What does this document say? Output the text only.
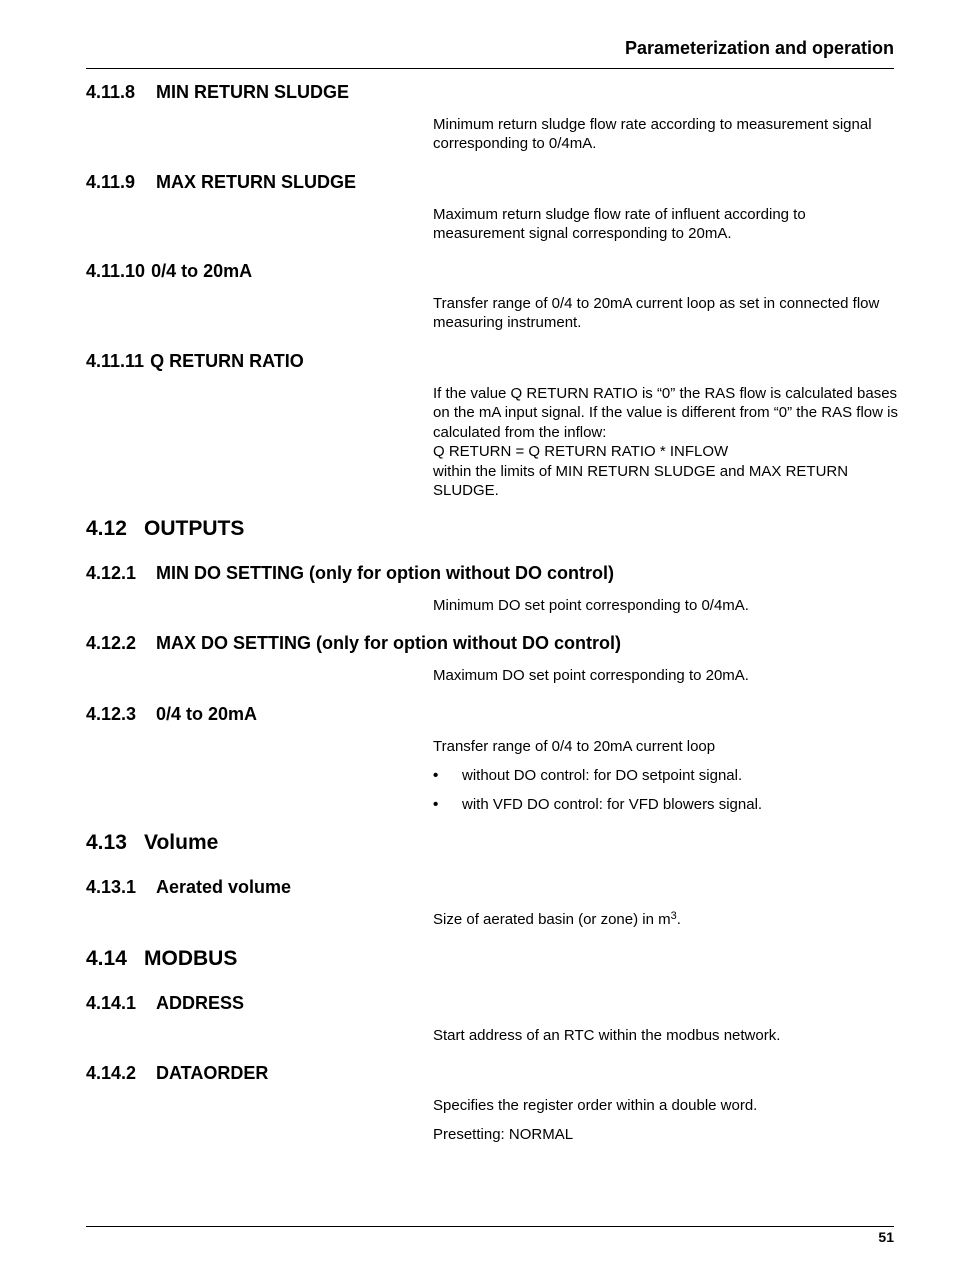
Parameterization and operation
4.11.8 MIN RETURN SLUDGE
Minimum return sludge flow rate according to measurement signal corresponding to 0/4mA.
4.11.9 MAX RETURN SLUDGE
Maximum return sludge flow rate of influent according to measurement signal corresponding to 20mA.
4.11.10 0/4 to 20mA
Transfer range of 0/4 to 20mA current loop as set in connected flow measuring instrument.
4.11.11 Q RETURN RATIO
If the value Q RETURN RATIO is “0” the RAS flow is calculated bases on the mA input signal. If the value is different from “0” the RAS flow is calculated from the inflow:
Q RETURN = Q RETURN RATIO * INFLOW
within the limits of MIN RETURN SLUDGE and MAX RETURN SLUDGE.
4.12 OUTPUTS
4.12.1 MIN DO SETTING (only for option without DO control)
Minimum DO set point corresponding to 0/4mA.
4.12.2 MAX DO SETTING (only for option without DO control)
Maximum DO set point corresponding to 20mA.
4.12.3 0/4 to 20mA
Transfer range of 0/4 to 20mA current loop
• without DO control: for DO setpoint signal.
• with VFD DO control: for VFD blowers signal.
4.13 Volume
4.13.1 Aerated volume
Size of aerated basin (or zone) in $m^3$.
4.14 MODBUS
4.14.1 ADDRESS
Start address of an RTC within the modbus network.
4.14.2 DATAORDER
Specifies the register order within a double word.
Presetting: NORMAL
51
